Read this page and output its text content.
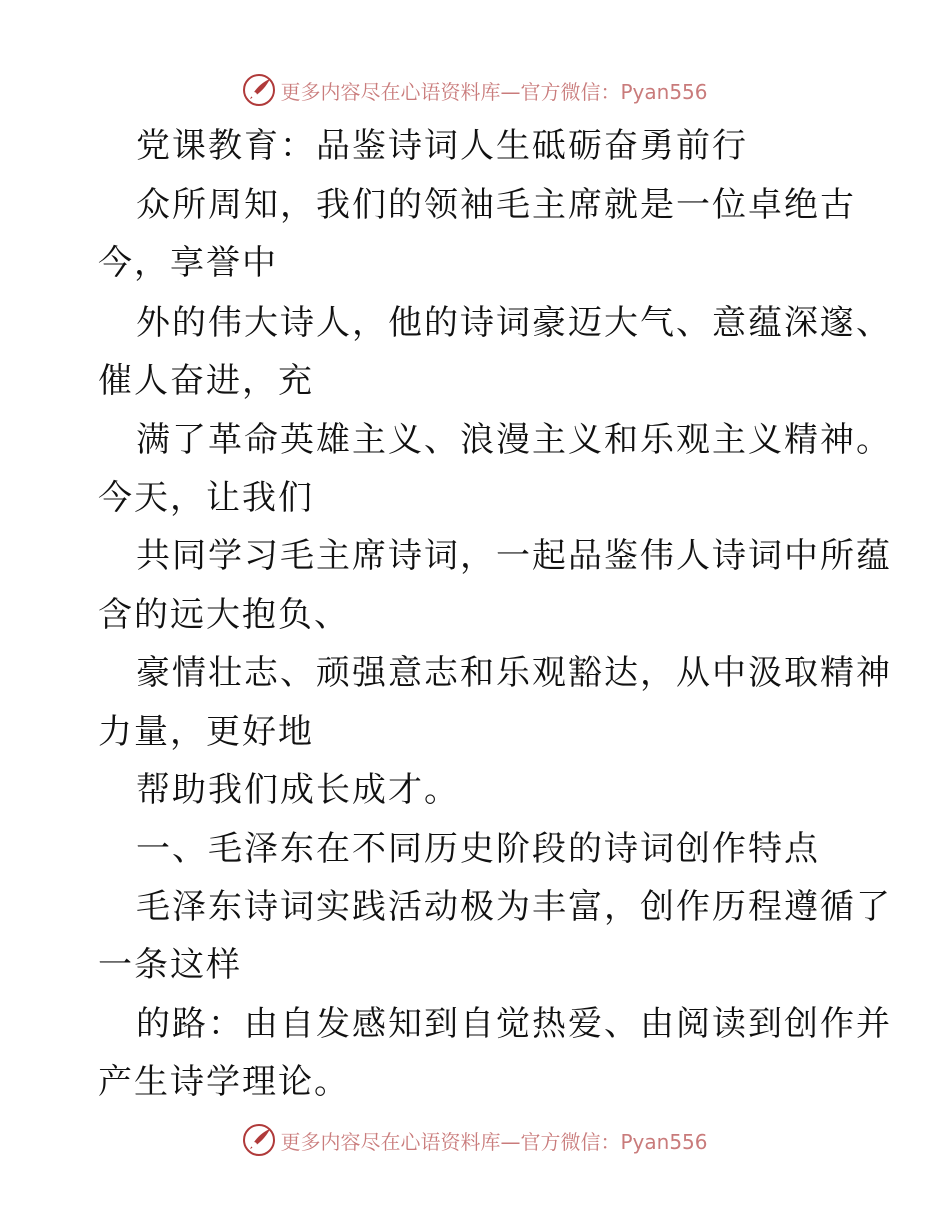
更多内容尽在心语资料库—官方微信：Pyan556
党课教育：品鉴诗词人生砥砺奋勇前行
众所周知，我们的领袖毛主席就是一位卓绝古
今，享誉中
外的伟大诗人，他的诗词豪迈大气、意蕴深邃、
催人奋进，充
满了革命英雄主义、浪漫主义和乐观主义精神。
今天，让我们
共同学习毛主席诗词，一起品鉴伟人诗词中所蕴
含的远大抱负、
豪情壮志、顽强意志和乐观豁达，从中汲取精神
力量，更好地
帮助我们成长成才。
一、毛泽东在不同历史阶段的诗词创作特点
毛泽东诗词实践活动极为丰富，创作历程遵循了
一条这样
的路：由自发感知到自觉热爱、由阅读到创作并
产生诗学理论。
更多内容尽在心语资料库—官方微信：Pyan556
